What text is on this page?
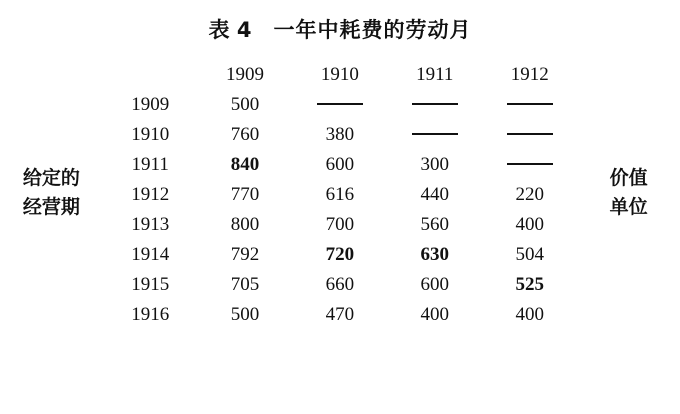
表 4 一年中耗费的劳动月
给定的
经营期
	1909	1910	1911	1912
1909	500			
1910	760	380		
1911	840	600	300	
1912	770	616	440	220
1913	800	700	560	400
1914	792	720	630	504
1915	705	660	600	525
1916	500	470	400	400
价值
单位
